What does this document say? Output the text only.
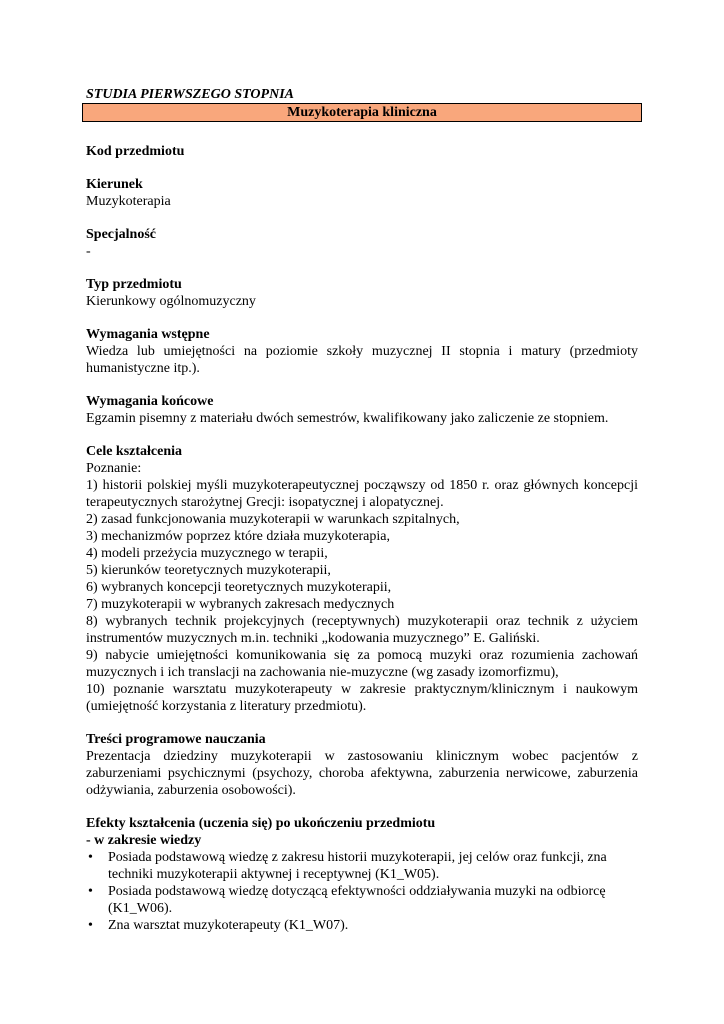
STUDIA PIERWSZEGO STOPNIA

Muzykoterapia kliniczna
Kod przedmiotu
Kierunek
Muzykoterapia
Specjalność
-
Typ przedmiotu
Kierunkowy ogólnomuzyczny
Wymagania wstępne
Wiedza lub umiejętności na poziomie szkoły muzycznej II stopnia i matury (przedmioty humanistyczne itp.).
Wymagania końcowe
Egzamin pisemny z materiału dwóch semestrów, kwalifikowany jako zaliczenie ze stopniem.
Cele kształcenia
Poznanie:
1) historii polskiej myśli muzykoterapeutycznej począwszy od 1850 r. oraz głównych koncepcji terapeutycznych starożytnej Grecji: isopatycznej i alopatycznej.
2) zasad funkcjonowania muzykoterapii w warunkach szpitalnych,
3) mechanizmów poprzez które działa muzykoterapia,
4) modeli przeżycia muzycznego w terapii,
5) kierunków teoretycznych muzykoterapii,
6) wybranych koncepcji teoretycznych muzykoterapii,
7) muzykoterapii w wybranych zakresach medycznych
8) wybranych technik projekcyjnych (receptywnych) muzykoterapii oraz technik z użyciem instrumentów muzycznych m.in. techniki „kodowania muzycznego” E. Galiński.
9) nabycie umiejętności komunikowania się za pomocą muzyki oraz rozumienia zachowań muzycznych i ich translacji na zachowania nie-muzyczne (wg zasady izomorfizmu),
10) poznanie warsztatu muzykoterapeuty w zakresie praktycznym/klinicznym i naukowym (umiejętność korzystania z literatury przedmiotu).
Treści programowe nauczania
Prezentacja dziedziny muzykoterapii w zastosowaniu klinicznym wobec pacjentów z zaburzeniami psychicznymi (psychozy, choroba afektywna, zaburzenia nerwicowe, zaburzenia odżywiania, zaburzenia osobowości).
Efekty kształcenia (uczenia się) po ukończeniu przedmiotu
- w zakresie wiedzy
• Posiada podstawową wiedzę z zakresu historii muzykoterapii, jej celów oraz funkcji, zna techniki muzykoterapii aktywnej i receptywnej (K1_W05).
• Posiada podstawową wiedzę dotyczącą efektywności oddziaływania muzyki na odbiorcę (K1_W06).
• Zna warsztat muzykoterapeuty (K1_W07).
